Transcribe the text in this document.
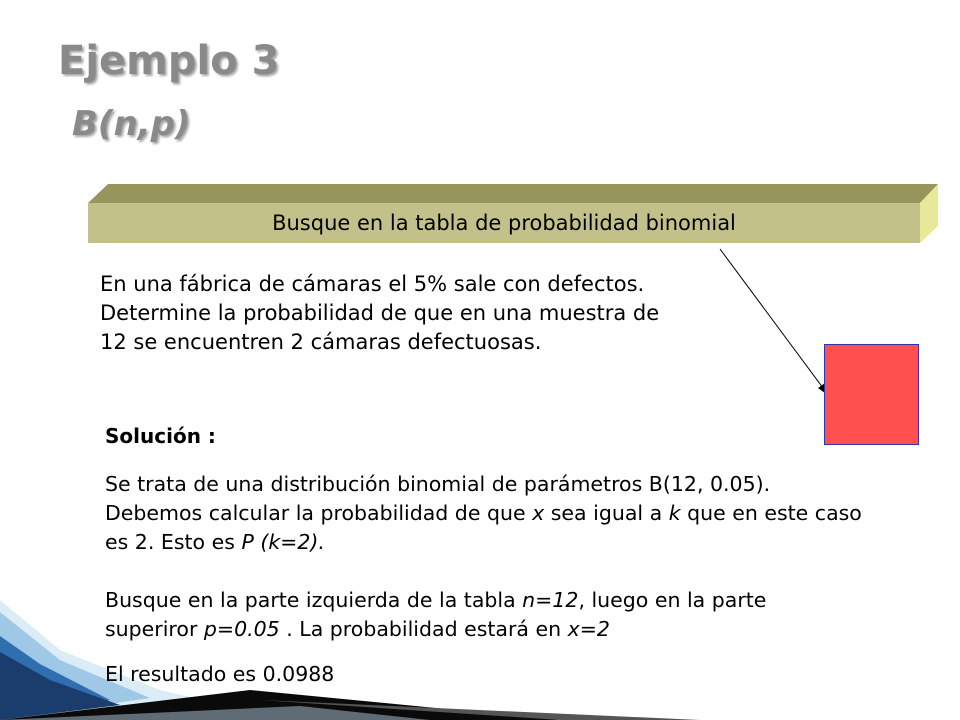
Ejemplo 3
B(n,p)
Busque en la tabla de probabilidad binomial

En una fábrica de cámaras el 5% sale con defectos. Determine la probabilidad de que en una muestra de 12 se encuentren 2 cámaras defectuosas.

Solución :

Se trata de una distribución binomial de parámetros B(12, 0.05). Debemos calcular la probabilidad de que x sea igual a k que en este caso es 2. Esto es P (k=2).

Busque en la parte izquierda de la tabla n=12, luego en la parte superiror p=0.05 . La probabilidad estará en x=2

El resultado es 0.0988
